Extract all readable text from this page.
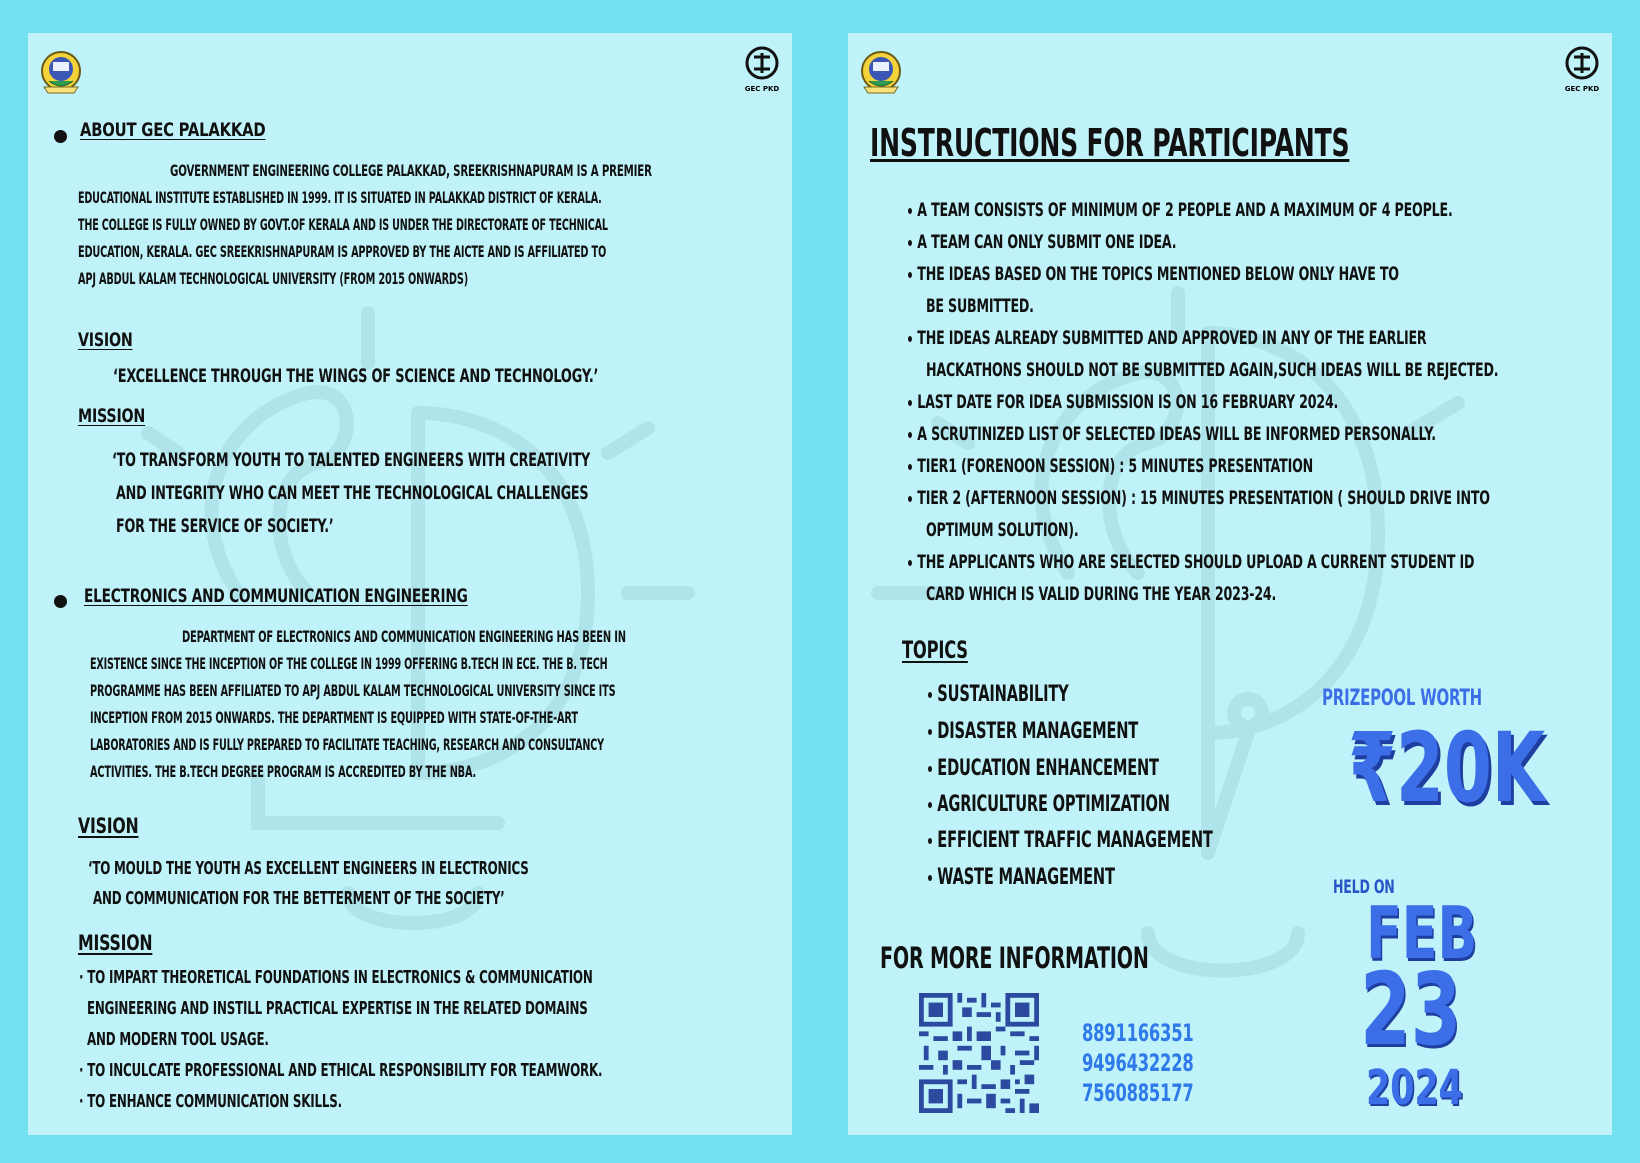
GEC PKD
ABOUT GEC PALAKKAD
GOVERNMENT ENGINEERING COLLEGE PALAKKAD, SREEKRISHNAPURAM IS A PREMIER
EDUCATIONAL INSTITUTE ESTABLISHED IN 1999. IT IS SITUATED IN PALAKKAD DISTRICT OF KERALA.
THE COLLEGE IS FULLY OWNED BY GOVT.OF KERALA AND IS UNDER THE DIRECTORATE OF TECHNICAL
EDUCATION, KERALA. GEC SREEKRISHNAPURAM IS APPROVED BY THE AICTE AND IS AFFILIATED TO
APJ ABDUL KALAM TECHNOLOGICAL UNIVERSITY (FROM 2015 ONWARDS)
VISION
‘EXCELLENCE THROUGH THE WINGS OF SCIENCE AND TECHNOLOGY.’
MISSION
‘TO TRANSFORM YOUTH TO TALENTED ENGINEERS WITH CREATIVITY
AND INTEGRITY WHO CAN MEET THE TECHNOLOGICAL CHALLENGES
FOR THE SERVICE OF SOCIETY.’
ELECTRONICS AND COMMUNICATION ENGINEERING
DEPARTMENT OF ELECTRONICS AND COMMUNICATION ENGINEERING HAS BEEN IN
EXISTENCE SINCE THE INCEPTION OF THE COLLEGE IN 1999 OFFERING B.TECH IN ECE. THE B. TECH
PROGRAMME HAS BEEN AFFILIATED TO APJ ABDUL KALAM TECHNOLOGICAL UNIVERSITY SINCE ITS
INCEPTION FROM 2015 ONWARDS. THE DEPARTMENT IS EQUIPPED WITH STATE-OF-THE-ART
LABORATORIES AND IS FULLY PREPARED TO FACILITATE TEACHING, RESEARCH AND CONSULTANCY
ACTIVITIES. THE B.TECH DEGREE PROGRAM IS ACCREDITED BY THE NBA.
VISION
‘TO MOULD THE YOUTH AS EXCELLENT ENGINEERS IN ELECTRONICS
AND COMMUNICATION FOR THE BETTERMENT OF THE SOCIETY’
MISSION
· TO IMPART THEORETICAL FOUNDATIONS IN ELECTRONICS & COMMUNICATION
ENGINEERING AND INSTILL PRACTICAL EXPERTISE IN THE RELATED DOMAINS
AND MODERN TOOL USAGE.
· TO INCULCATE PROFESSIONAL AND ETHICAL RESPONSIBILITY FOR TEAMWORK.
· TO ENHANCE COMMUNICATION SKILLS.
GEC PKD
INSTRUCTIONS FOR PARTICIPANTS
A TEAM CONSISTS OF MINIMUM OF 2 PEOPLE AND A MAXIMUM OF 4 PEOPLE.
A TEAM CAN ONLY SUBMIT ONE IDEA.
THE IDEAS BASED ON THE TOPICS MENTIONED BELOW ONLY HAVE TO
BE SUBMITTED.
THE IDEAS ALREADY SUBMITTED AND APPROVED IN ANY OF THE EARLIER
HACKATHONS SHOULD NOT BE SUBMITTED AGAIN,SUCH IDEAS WILL BE REJECTED.
LAST DATE FOR IDEA SUBMISSION IS ON 16 FEBRUARY 2024.
A SCRUTINIZED LIST OF SELECTED IDEAS WILL BE INFORMED PERSONALLY.
TIER1 (FORENOON SESSION) : 5 MINUTES PRESENTATION
TIER 2 (AFTERNOON SESSION) : 15 MINUTES PRESENTATION ( SHOULD DRIVE INTO
OPTIMUM SOLUTION).
THE APPLICANTS WHO ARE SELECTED SHOULD UPLOAD A CURRENT STUDENT ID
CARD WHICH IS VALID DURING THE YEAR 2023-24.
TOPICS
SUSTAINABILITY
DISASTER MANAGEMENT
EDUCATION ENHANCEMENT
AGRICULTURE OPTIMIZATION
EFFICIENT TRAFFIC MANAGEMENT
WASTE MANAGEMENT
PRIZEPOOL WORTH
₹20K
HELD ON
FEB
23
2024
FOR MORE INFORMATION
8891166351
9496432228
7560885177
